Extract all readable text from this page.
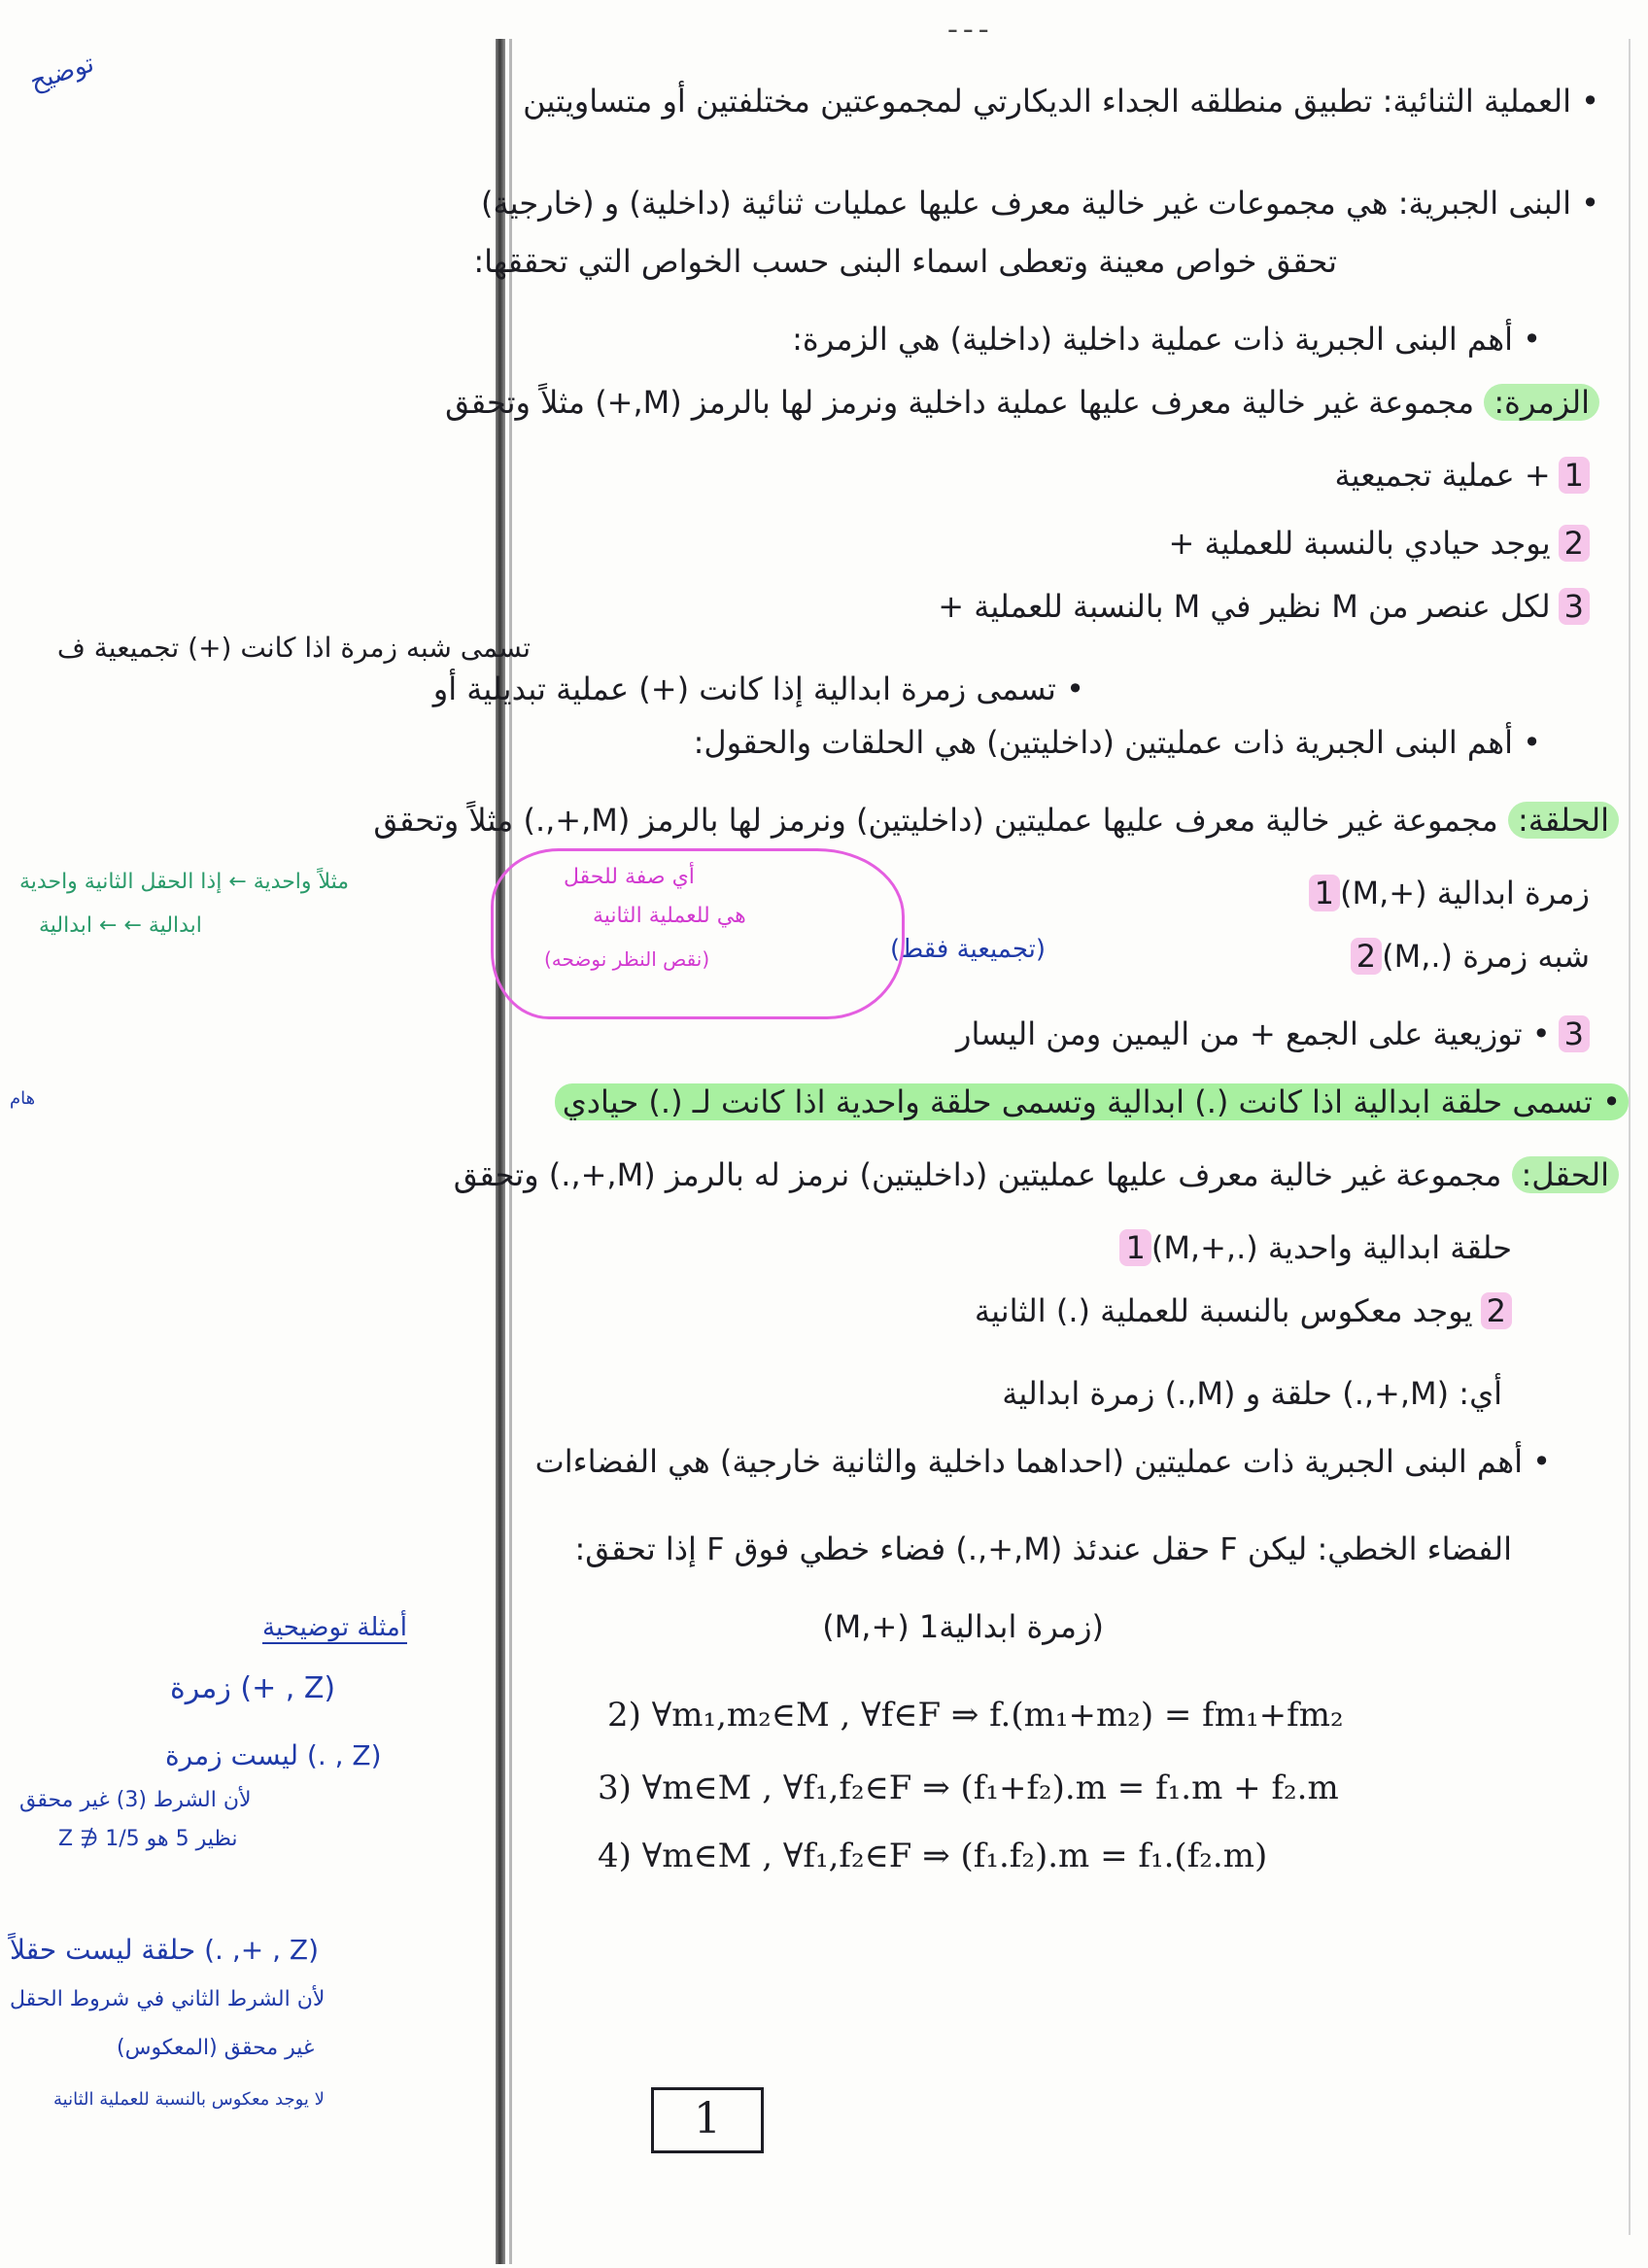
ـ ـ ـ
توضيح
• العملية الثنائية: تطبيق منطلقه الجداء الديكارتي لمجموعتين مختلفتين أو متساويتين
• البنى الجبرية: هي مجموعات غير خالية معرف عليها عمليات ثنائية (داخلية) و (خارجية)
تحقق خواص معينة وتعطى اسماء البنى حسب الخواص التي تحققها:
• أهم البنى الجبرية ذات عملية داخلية (داخلية) هي الزمرة:
الزمرة: مجموعة غير خالية معرف عليها عملية داخلية ونرمز لها بالرمز (M,+) مثلاً وتحقق
1+ عملية تجميعية
2يوجد حيادي بالنسبة للعملية +
3لكل عنصر من M نظير في M بالنسبة للعملية +
• تسمى زمرة ابدالية إذا كانت (+) عملية تبديلية أو
تسمى شبه زمرة اذا كانت (+) تجميعية ف
• أهم البنى الجبرية ذات عمليتين (داخليتين) هي الحلقات والحقول:
الحلقة: مجموعة غير خالية معرف عليها عمليتين (داخليتين) ونرمز لها بالرمز (M,+,.) مثلاً وتحقق
1 (M,+) زمرة ابدالية
2 (M,.) شبه زمرة
(تجميعية فقط)
3• توزيعية على الجمع + من اليمين ومن اليسار
مثلاً واحدية ← إذا الحقل الثانية واحدية
ابدالية ← ← ابدالية
أي صفة للحقل
هي للعملية الثانية
(نقص النظر نوضحه)
هام	• تسمى حلقة ابدالية اذا كانت (.) ابدالية وتسمى حلقة واحدية اذا كانت لـ (.) حيادي
الحقل: مجموعة غير خالية معرف عليها عمليتين (داخليتين) نرمز له بالرمز (M,+,.) وتحقق
1 (M,+,.) حلقة ابدالية واحدية
2يوجد معكوس بالنسبة للعملية (.) الثانية
أي: (M,+,.) حلقة و (M,.) زمرة ابدالية
• أهم البنى الجبرية ذات عمليتين (احداهما داخلية والثانية خارجية) هي الفضاءات
الفضاء الخطي: ليكن F حقل عندئذ (M,+,.) فضاء خطي فوق F إذا تحقق:
(M,+) زمرة ابدالية1)
2) ∀m₁,m₂∈M , ∀f∈F ⇒ f.(m₁+m₂) = fm₁+fm₂
3) ∀m∈M , ∀f₁,f₂∈F ⇒ (f₁+f₂).m = f₁.m + f₂.m
4) ∀m∈M , ∀f₁,f₂∈F ⇒ (f₁.f₂).m = f₁.(f₂.m)
أمثلة توضيحية
(Z , +) زمرة
(Z , .) ليست زمرة
لأن الشرط (3) غير محقق
نظير 5 هو 1/5 ∉ Z
(Z , +, .) حلقة ليست حقلاً
لأن الشرط الثاني في شروط الحقل
غير محقق (المعكوس)
لا يوجد معكوس بالنسبة للعملية الثانية	1
